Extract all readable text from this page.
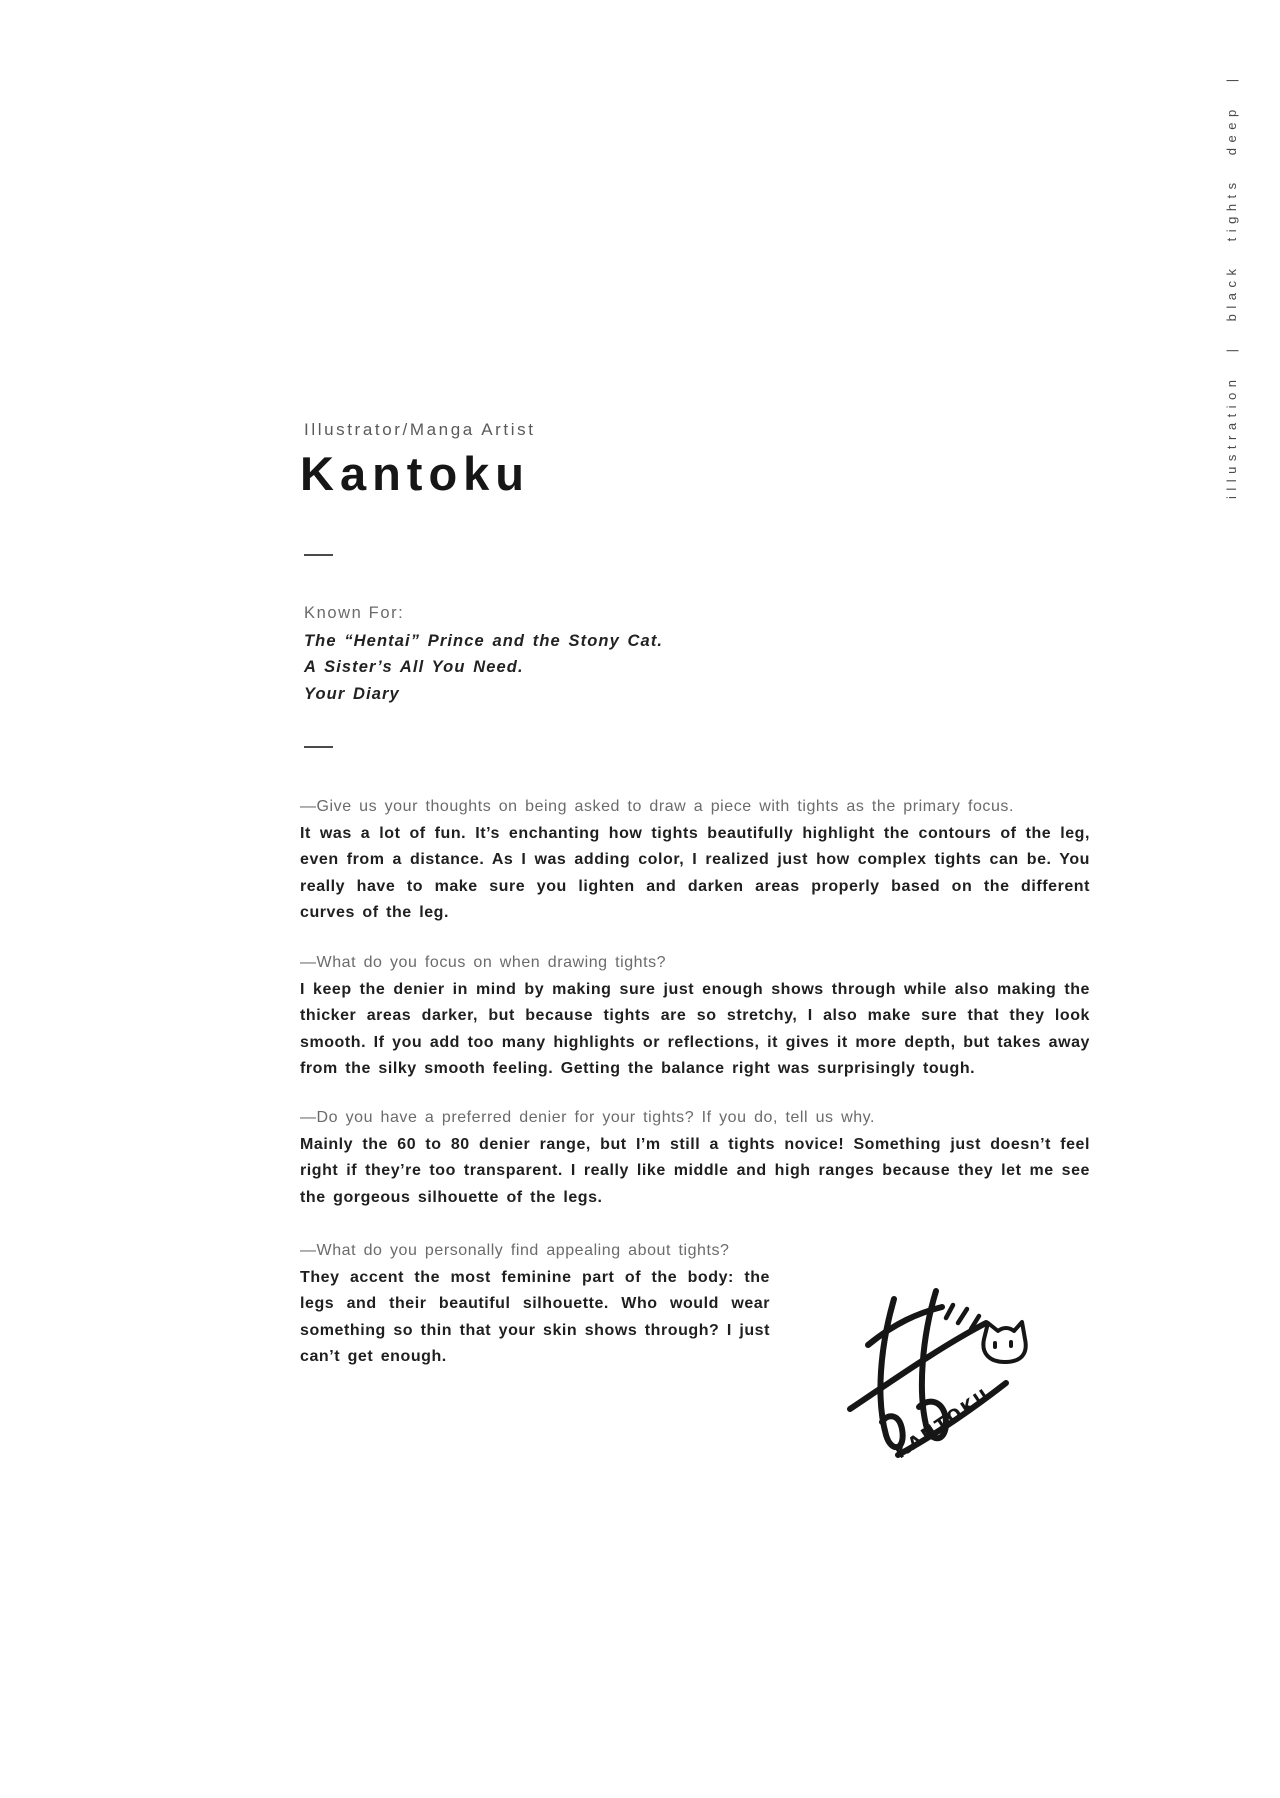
illustration | black tights deep |
Illustrator/Manga Artist
Kantoku

Known For:

The “Hentai” Prince and the Stony Cat.

A Sister’s All You Need.

Your Diary

—Give us your thoughts on being asked to draw a piece with tights as the primary focus.

It was a lot of fun. It’s enchanting how tights beautifully highlight the contours of the leg, even from a distance. As I was adding color, I realized just how complex tights can be. You really have to make sure you lighten and darken areas properly based on the different curves of the leg.

—What do you focus on when drawing tights?

I keep the denier in mind by making sure just enough shows through while also making the thicker areas darker, but because tights are so stretchy, I also make sure that they look smooth. If you add too many highlights or reflections, it gives it more depth, but takes away from the silky smooth feeling. Getting the balance right was surprisingly tough.

—Do you have a preferred denier for your tights? If you do, tell us why.

Mainly the 60 to 80 denier range, but I’m still a tights novice! Something just doesn’t feel right if they’re too transparent. I really like middle and high ranges because they let me see the gorgeous silhouette of the legs.

—What do you personally find appealing about tights?

They accent the most feminine part of the body: the legs and their beautiful silhouette. Who would wear something so thin that your skin shows through? I just can’t get enough.

KANTOKU
